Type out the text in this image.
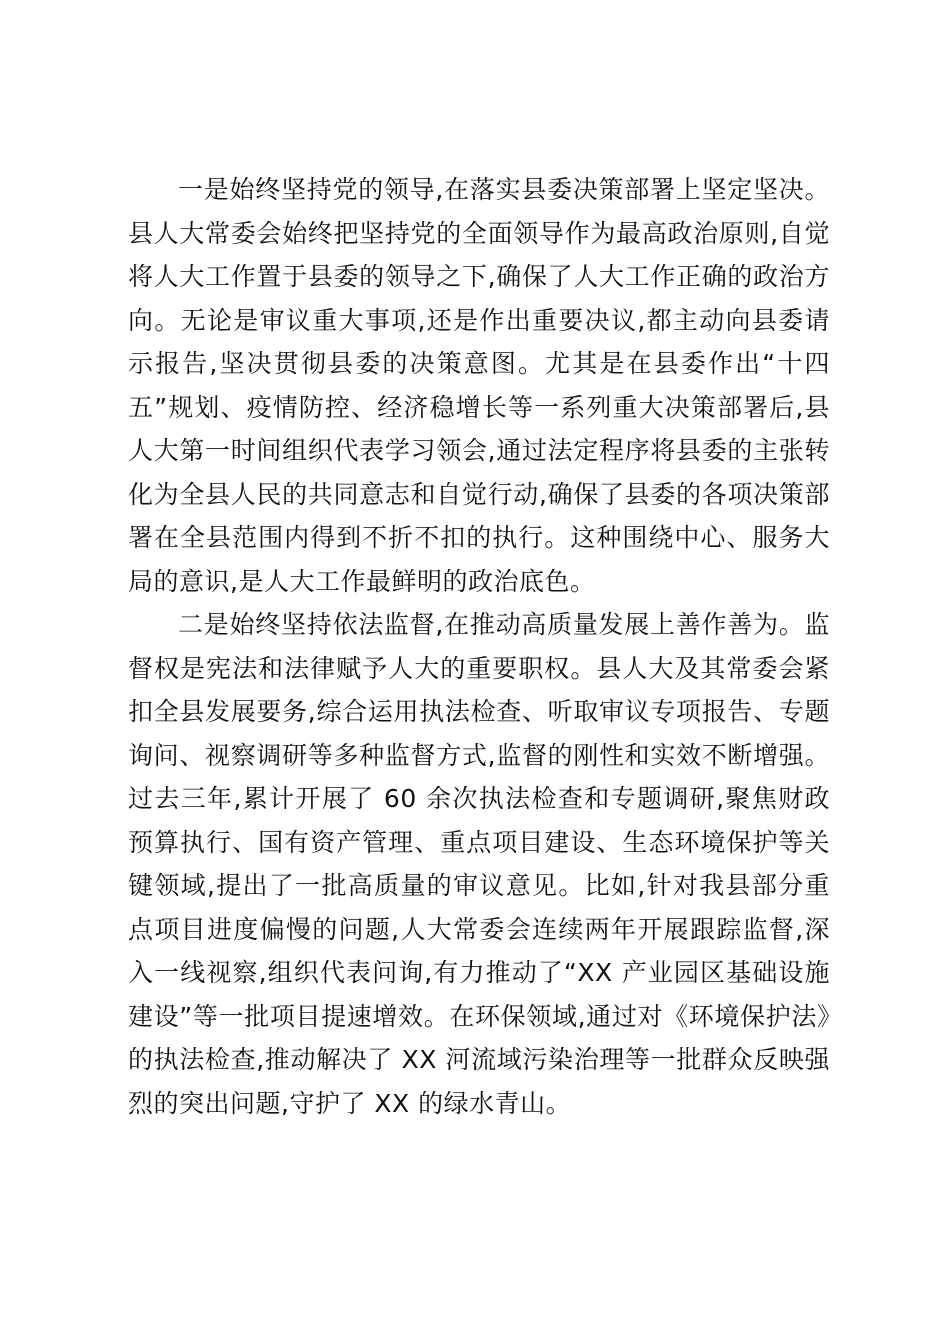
一是始终坚持党的领导,在落实县委决策部署上坚定坚决。县人大常委会始终把坚持党的全面领导作为最高政治原则,自觉将人大工作置于县委的领导之下,确保了人大工作正确的政治方向。无论是审议重大事项,还是作出重要决议,都主动向县委请示报告,坚决贯彻县委的决策意图。尤其是在县委作出“十四五”规划、疫情防控、经济稳增长等一系列重大决策部署后,县人大第一时间组织代表学习领会,通过法定程序将县委的主张转化为全县人民的共同意志和自觉行动,确保了县委的各项决策部署在全县范围内得到不折不扣的执行。这种围绕中心、服务大局的意识,是人大工作最鲜明的政治底色。

二是始终坚持依法监督,在推动高质量发展上善作善为。监督权是宪法和法律赋予人大的重要职权。县人大及其常委会紧扣全县发展要务,综合运用执法检查、听取审议专项报告、专题询问、视察调研等多种监督方式,监督的刚性和实效不断增强。过去三年,累计开展了 60 余次执法检查和专题调研,聚焦财政预算执行、国有资产管理、重点项目建设、生态环境保护等关键领域,提出了一批高质量的审议意见。比如,针对我县部分重点项目进度偏慢的问题,人大常委会连续两年开展跟踪监督,深入一线视察,组织代表问询,有力推动了“XX 产业园区基础设施建设”等一批项目提速增效。在环保领域,通过对《环境保护法》的执法检查,推动解决了 XX 河流域污染治理等一批群众反映强烈的突出问题,守护了 XX 的绿水青山。
